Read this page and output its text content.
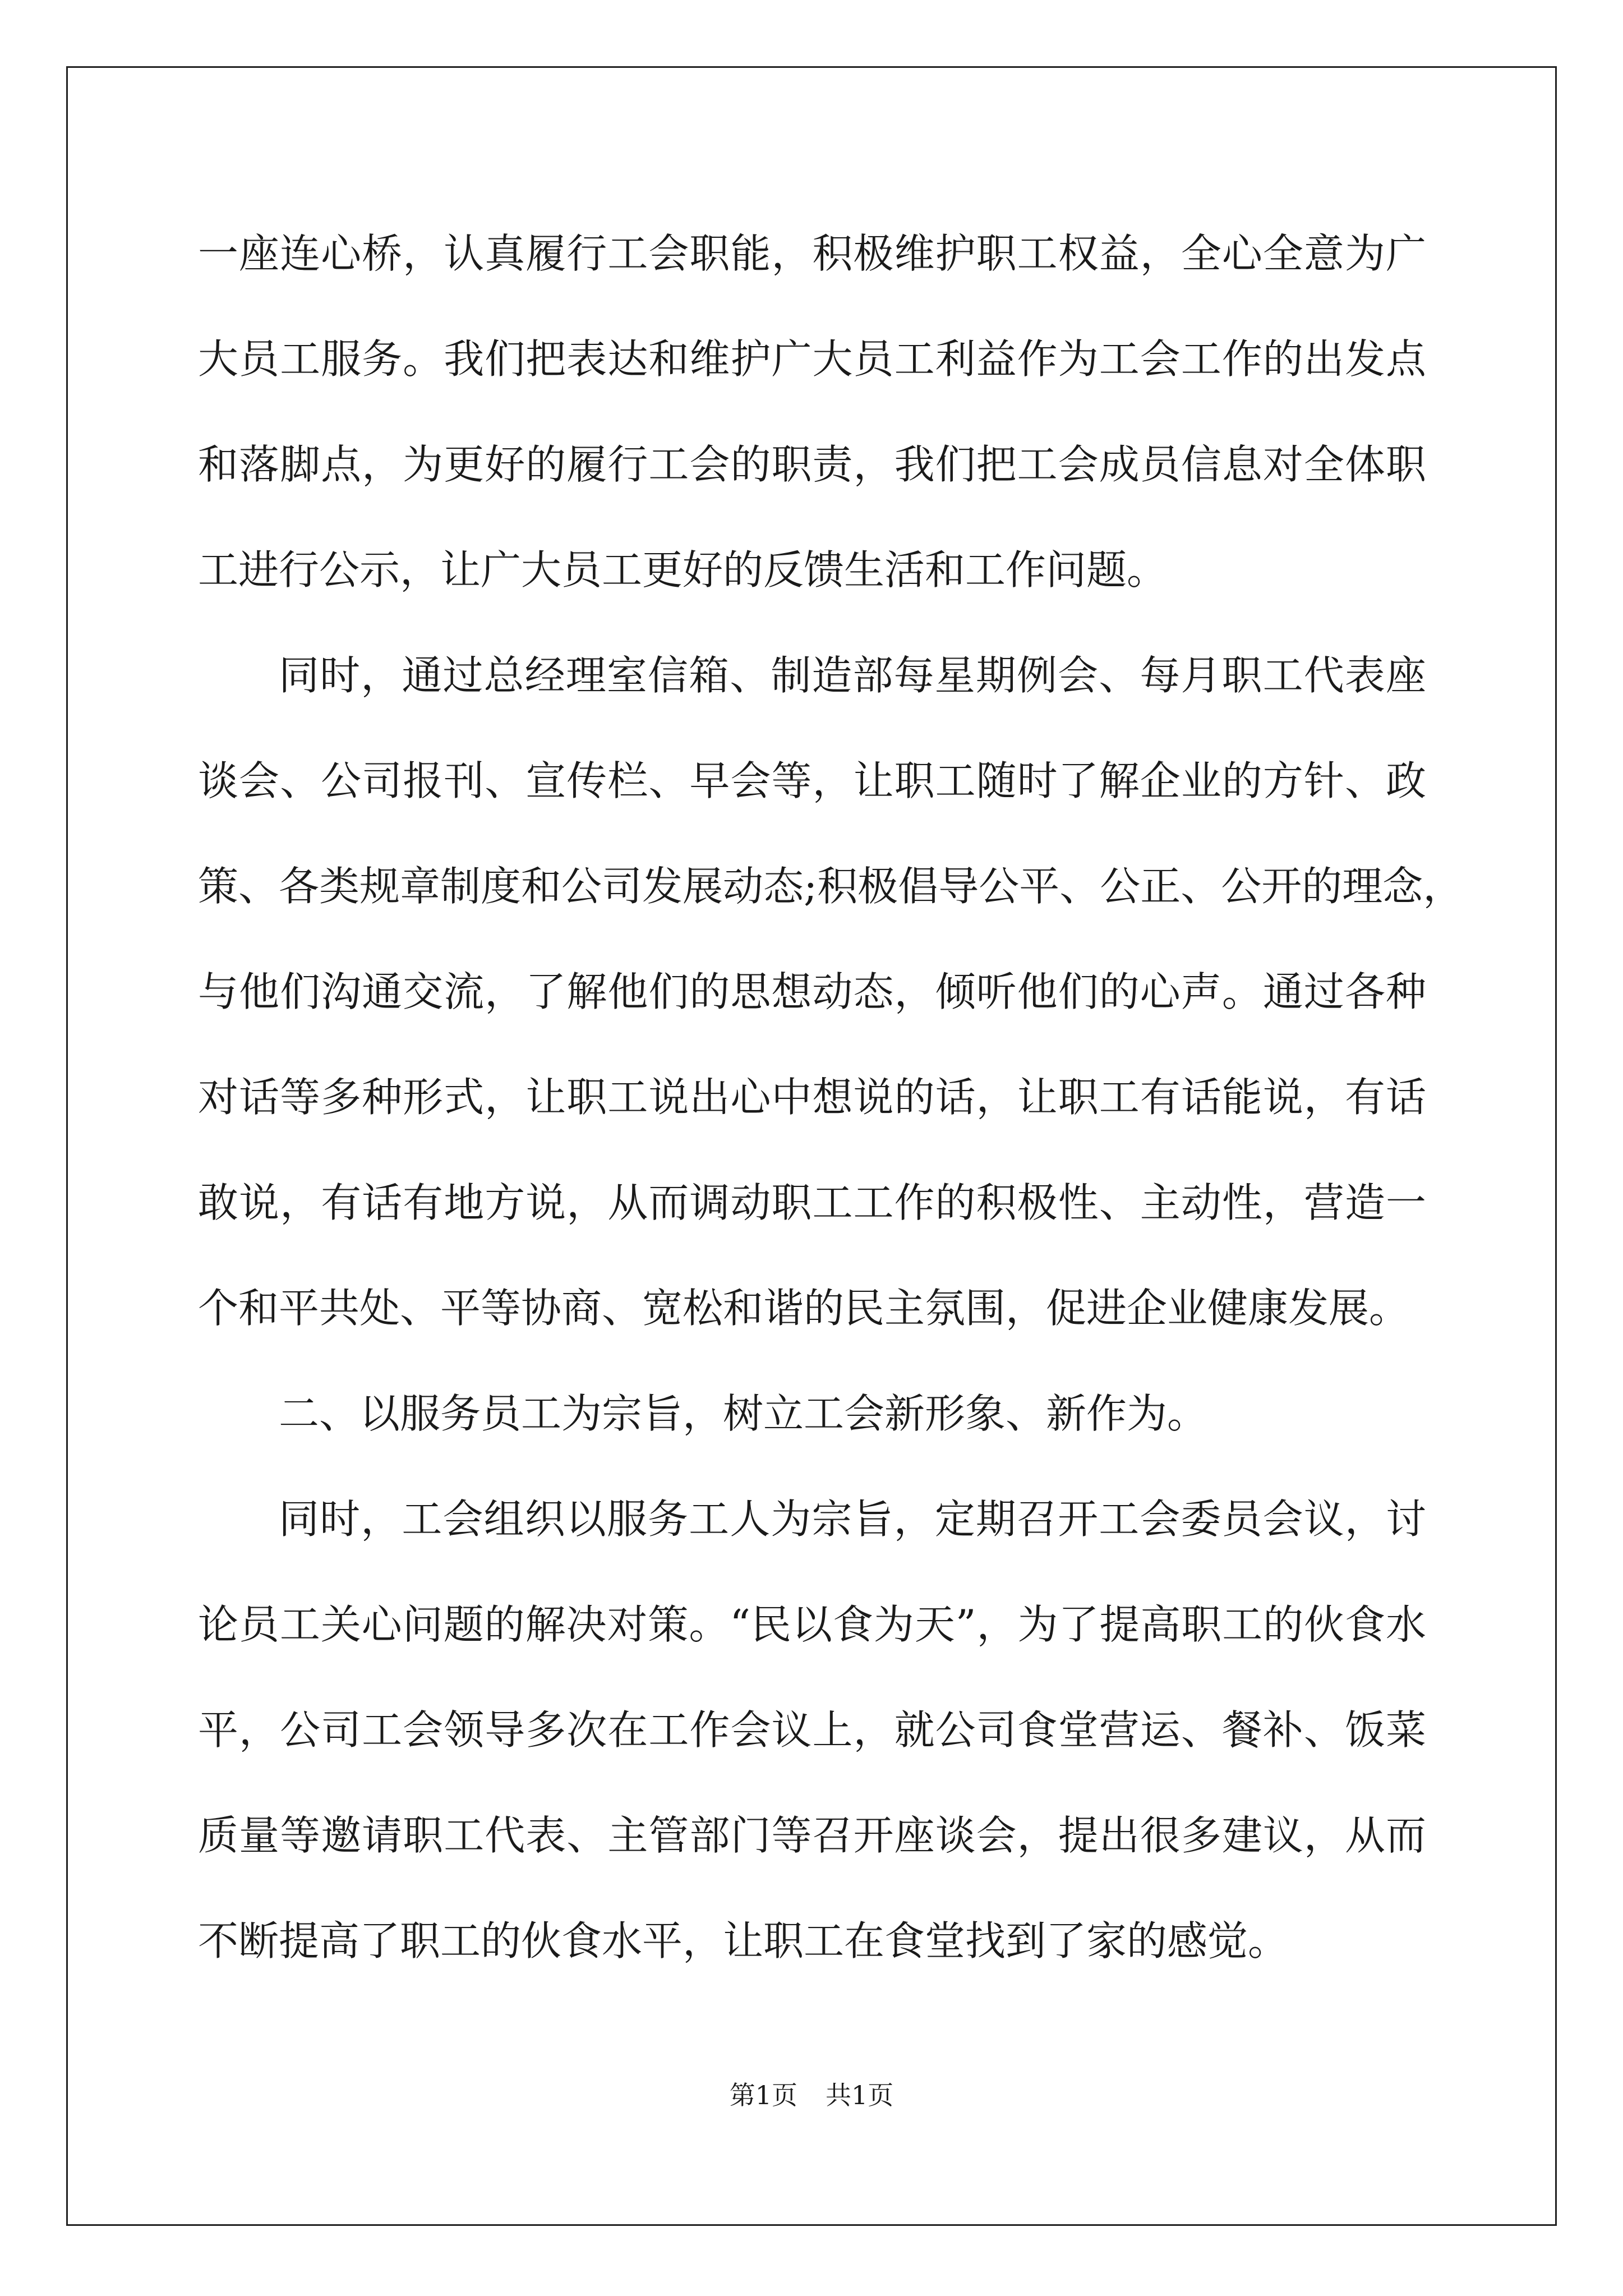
一座连心桥，认真履行工会职能，积极维护职工权益，全心全意为广
大员工服务。我们把表达和维护广大员工利益作为工会工作的出发点
和落脚点，为更好的履行工会的职责，我们把工会成员信息对全体职
工进行公示，让广大员工更好的反馈生活和工作问题。
同时，通过总经理室信箱、制造部每星期例会、每月职工代表座
谈会、公司报刊、宣传栏、早会等，让职工随时了解企业的方针、政
策、各类规章制度和公司发展动态;积极倡导公平、公正、公开的理念，
与他们沟通交流，了解他们的思想动态，倾听他们的心声。通过各种
对话等多种形式，让职工说出心中想说的话，让职工有话能说，有话
敢说，有话有地方说，从而调动职工工作的积极性、主动性，营造一
个和平共处、平等协商、宽松和谐的民主氛围，促进企业健康发展。
二、以服务员工为宗旨，树立工会新形象、新作为。
同时，工会组织以服务工人为宗旨，定期召开工会委员会议，讨
论员工关心问题的解决对策。“民以食为天”，为了提高职工的伙食水
平，公司工会领导多次在工作会议上，就公司食堂营运、餐补、饭菜
质量等邀请职工代表、主管部门等召开座谈会，提出很多建议，从而
不断提高了职工的伙食水平，让职工在食堂找到了家的感觉。
第1页 共1页
